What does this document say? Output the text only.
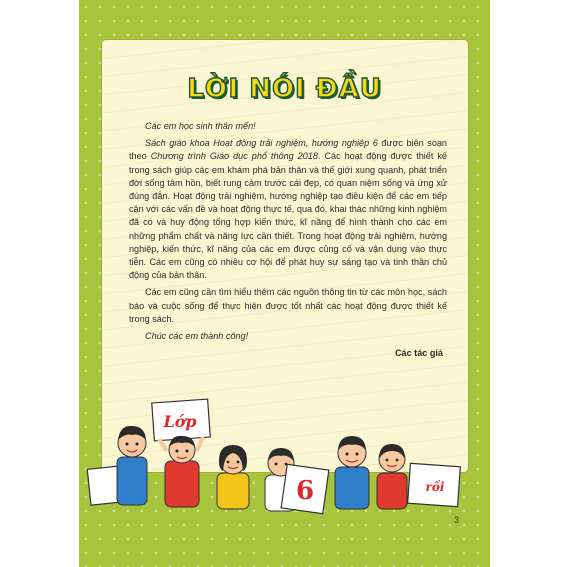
LỜI NÓI ĐẦU

Các em học sinh thân mến!

Sách giáo khoa Hoạt động trải nghiệm, hướng nghiệp 6 được biên soạn theo Chương trình Giáo dục phổ thông 2018. Các hoạt động được thiết kế trong sách giúp các em khám phá bản thân và thế giới xung quanh, phát triển đời sống tâm hồn, biết rung cảm trước cái đẹp, có quan niệm sống và ứng xử đúng đắn. Hoạt động trải nghiệm, hướng nghiệp tạo điều kiện để các em tiếp cận với các vấn đề và hoạt động thực tế, qua đó, khai thác những kinh nghiệm đã có và huy động tổng hợp kiến thức, kĩ năng để hình thành cho các em những phẩm chất và năng lực cần thiết. Trong hoạt động trải nghiệm, hướng nghiệp, kiến thức, kĩ năng của các em được củng cố và vận dụng vào thực tiễn. Các em cũng có nhiều cơ hội để phát huy sự sáng tạo và tinh thần chủ động của bản thân.

Các em cũng cần tìm hiểu thêm các nguồn thông tin từ các môn học, sách báo và cuộc sống để thực hiện được tốt nhất các hoạt động được thiết kế trong sách.

Chúc các em thành công!

Các tác giả

Lớp
6	rồi
3
